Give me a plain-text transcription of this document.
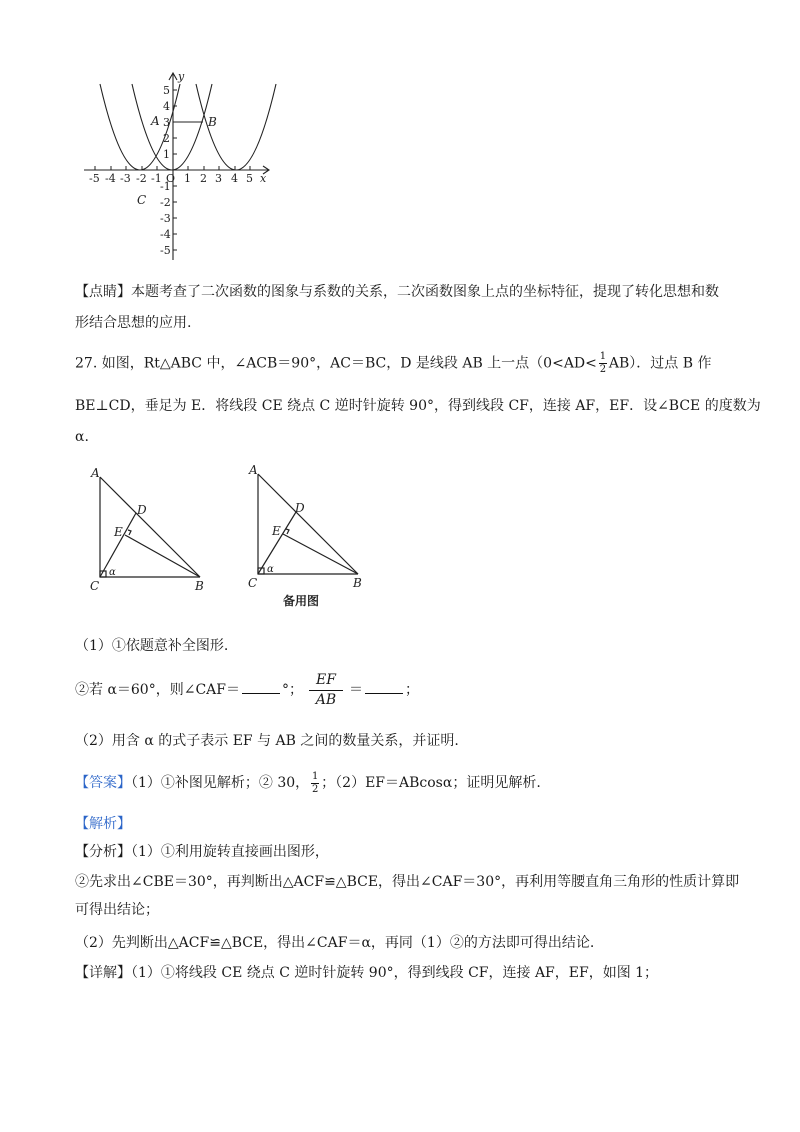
-5 -4 -3 -2 -1 O 1 2 3 4 5 x
y
1
2
3
4
5
-1
-2
-3
-4
-5
A	B
C
【点睛】本题考查了二次函数的图象与系数的关系，二次函数图象上点的坐标特征，提现了转化思想和数
形结合思想的应用.
27. 如图，Rt△ABC 中，∠ACB＝90°，AC＝BC，D 是线段 AB 上一点$(0<AD< \frac{1}{2} AB)$．过点 B 作
BE⊥CD，垂足为 E．将线段 CE 绕点 C 逆时针旋转 90°，得到线段 CF，连接 AF，EF．设∠BCE 的度数为
α.
A
B
C
D
E
α
A
B
C
D
E
α
备用图
（1）①依题意补全图形.
②若 α＝60°，则∠CAF＝	°； $\frac{EF}{AB}$ ＝	；
（2）用含 α 的式子表示 EF 与 AB 之间的数量关系，并证明.
【答案】（1）①补图见解析；② 30， $\frac{1}{2}$ ；（2）EF＝ABcosα；证明见解析.
【解析】
【分析】（1）①利用旋转直接画出图形，
②先求出∠CBE＝30°，再判断出△ACF≌△BCE，得出∠CAF＝30°，再利用等腰直角三角形的性质计算即
可得出结论；
（2）先判断出△ACF≌△BCE，得出∠CAF＝α，再同（1）②的方法即可得出结论.
【详解】（1）①将线段 CE 绕点 C 逆时针旋转 90°，得到线段 CF，连接 AF，EF，如图 1；
